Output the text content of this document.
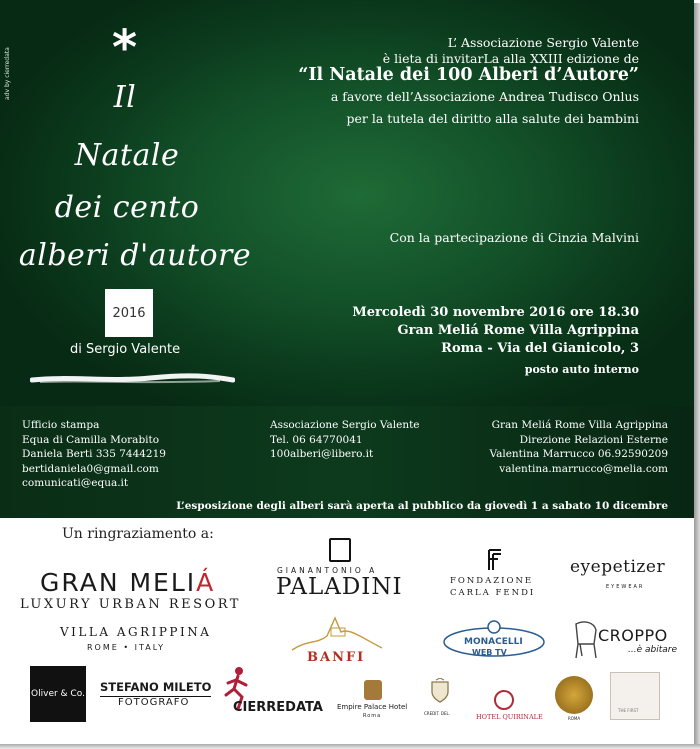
adv by cierredata *
Il
Natale
dei cento
alberi d'autore
2016
di Sergio Valente
L’ Associazione Sergio Valente
è lieta di invitarLa alla XXIII edizione de
“Il Natale dei 100 Alberi d’Autore”
a favore dell’Associazione Andrea Tudisco Onlus
per la tutela del diritto alla salute dei bambini
Con la partecipazione di Cinzia Malvini
Mercoledì 30 novembre 2016 ore 18.30
Gran Meliá Rome Villa Agrippina
Roma - Via del Gianicolo, 3
posto auto interno
Ufficio stampa
Equa di Camilla Morabito
Daniela Berti 335 7444219
bertidaniela0@gmail.com
comunicati@equa.it
Associazione Sergio Valente
Tel. 06 64770041
100alberi@libero.it
Gran Meliá Rome Villa Agrippina
Direzione Relazioni Esterne
Valentina Marrucco 06.92590209
valentina.marrucco@melia.com
L’esposizione degli alberi sarà aperta al pubblico da giovedì 1 a sabato 10 dicembre
Un ringraziamento a:
GRAN MELIÁ
LUXURY URBAN RESORT
VILLA AGRIPPINA
ROME • ITALY
GIANANTONIO A
PALADINI	FONDAZIONE
CARLA FENDI
eyepetizer
EYEWEAR
BANFI
MONACELLI
WEB TV
CROPPO
...è abitare
Oliver & Co. STEFANO MILETO
FOTOGRAFO	CIERREDATA Empire Palace Hotel
Roma	CREDIT. DEL.	HOTEL QUIRINALE	ROMA
THE FIRST
